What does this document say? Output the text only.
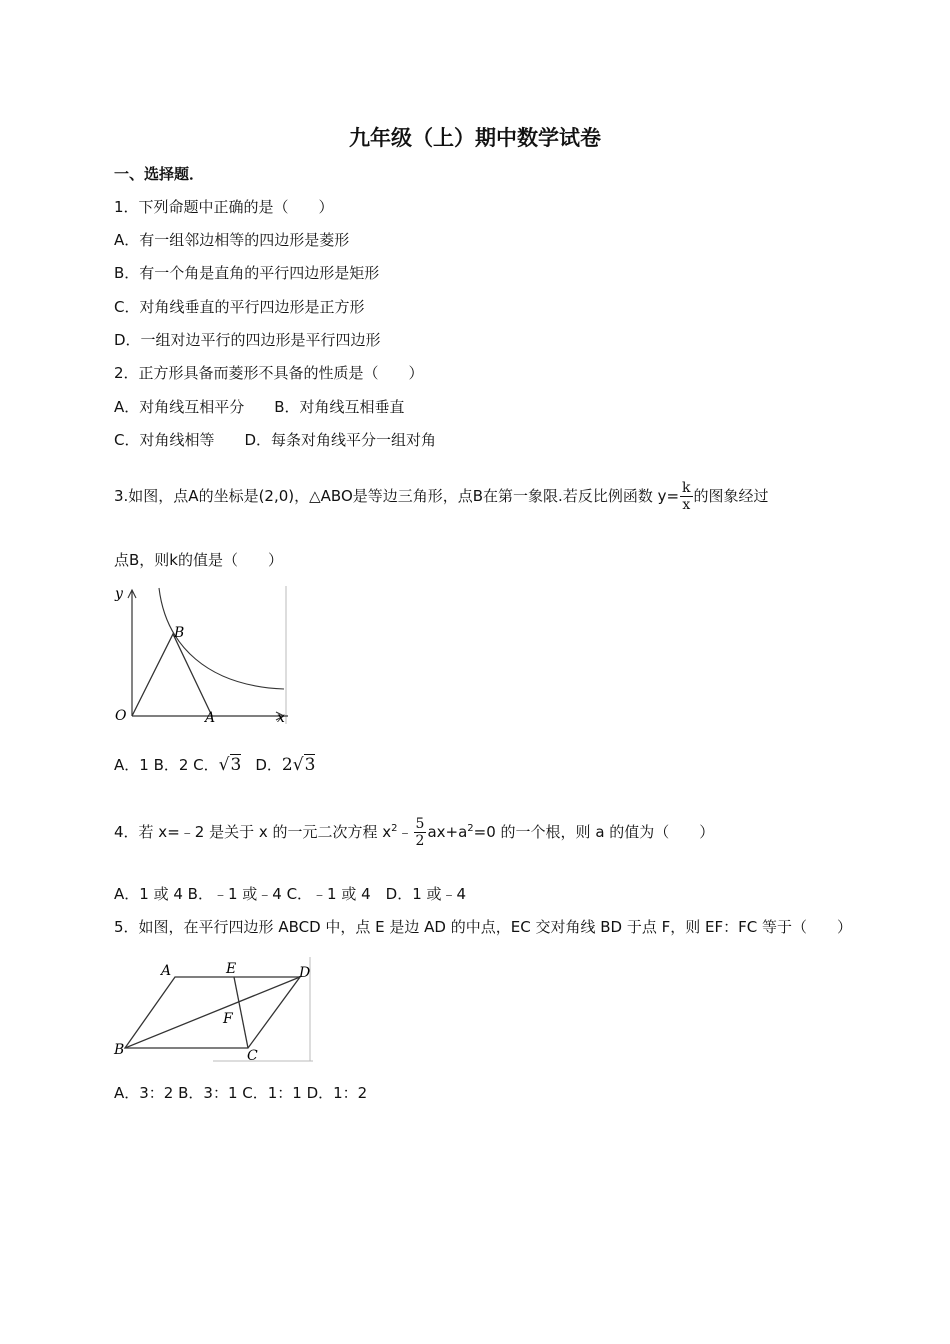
九年级（上）期中数学试卷
一、选择题．
1．下列命题中正确的是（　　）
A．有一组邻边相等的四边形是菱形
B．有一个角是直角的平行四边形是矩形
C．对角线垂直的平行四边形是正方形
D．一组对边平行的四边形是平行四边形
2．正方形具备而菱形不具备的性质是（　　）
A．对角线互相平分　　B．对角线互相垂直
C．对角线相等　　D．每条对角线平分一组对角
3.如图，点A的坐标是(2,0)，△ABO是等边三角形，点B在第一象限.若反比例函数 $y= \frac{k}{x}$ 的图象经过
点B，则k的值是（　　）
y
B
O	A	x
A．1 B．2 C．√3 D．2√3
4．若 x=﹣2 是关于 x 的一元二次方程 $x^2﹣ \frac{5}{2} ax+a^2=0$ 的一个根，则 a 的值为（　　）
A．1 或 4 B．﹣1 或﹣4 C．﹣1 或 4　D．1 或﹣4
5．如图，在平行四边形 ABCD 中，点 E 是边 AD 的中点，EC 交对角线 BD 于点 F，则 EF：FC 等于（　　）
A	E	D
F
B	C
A．3：2 B．3：1 C．1：1 D．1：2
